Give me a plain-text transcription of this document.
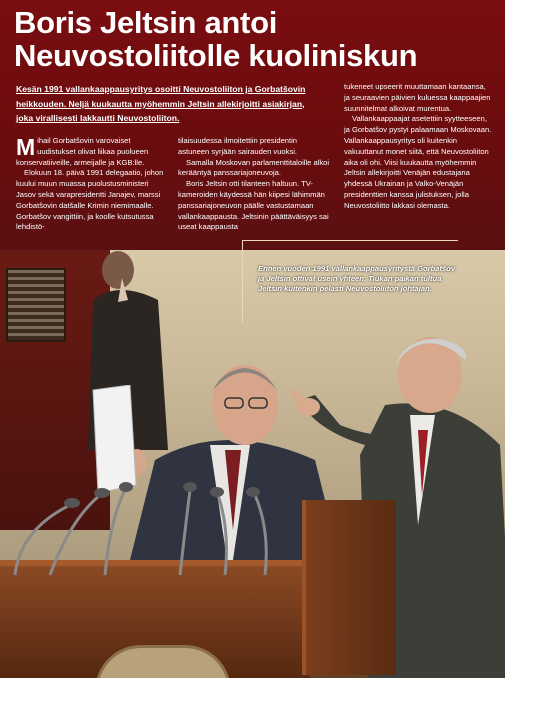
Boris Jeltsin antoi
Neuvostoliitolle kuoliniskun

Kesän 1991 vallankaappausyritys osoitti Neuvostoliiton ja Gorbatšovin
heikkouden. Neljä kuukautta myöhemmin Jeltsin allekirjoitti asiakirjan,
joka virallisesti lakkautti Neuvostoliiton.

Mihail Gorbatšovin varovaiset uudistukset olivat liikaa puolueen konservatiiveille, armeijalle ja KGB:lle.

Elokuun 18. päivä 1991 delegaatio, johon kuului muun muassa puolustusministeri Jasov sekä varapresidentti Janajev, marssi Gorbatšovin datšalle Krimin niemimaalle. Gorbatšov vangittiin, ja koolle kutsutussa lehdistö-

tilaisuudessa ilmoitettiin presidentin astuneen syrjään sairauden vuoksi.

Samalla Moskovan parlamenttitaloille alkoi kerääntyä panssariajoneuvoja.

Boris Jeltsin otti tilanteen haltuun. TV-kameroiden käydessä hän kiipesi lähimmän panssariajoneuvon päälle vastustamaan vallankaappausta. Jeltsinin päättäväisyys sai useat kaappausta

tukeneet upseerit muuttamaan kantaansa, ja seuraavien päivien kuluessa kaappaajien suunnitelmat alkoivat murentua.

Vallankaappaajat asetettiin syytteeseen, ja Gorbatšov pystyi palaamaan Moskovaan. Vallankaappausyritys oli kuitenkin vakuuttanut monet siitä, että Neuvostoliiton aika oli ohi. Viisi kuukautta myöhemmin Jeltsin allekirjoitti Venäjän edustajana yhdessä Ukrainan ja Valko-Venäjän presidenttien kanssa julistuksen, jolla Neuvostoliitto lakkasi olemasta.

Ennen vuoden 1991 vallankaappausyritystä Gorbatšov ja Jeltsin ottivat usein yhteen. Tiukan paikan tultua Jeltsin kuitenkin pelasti Neuvostoliiton johtajan.
